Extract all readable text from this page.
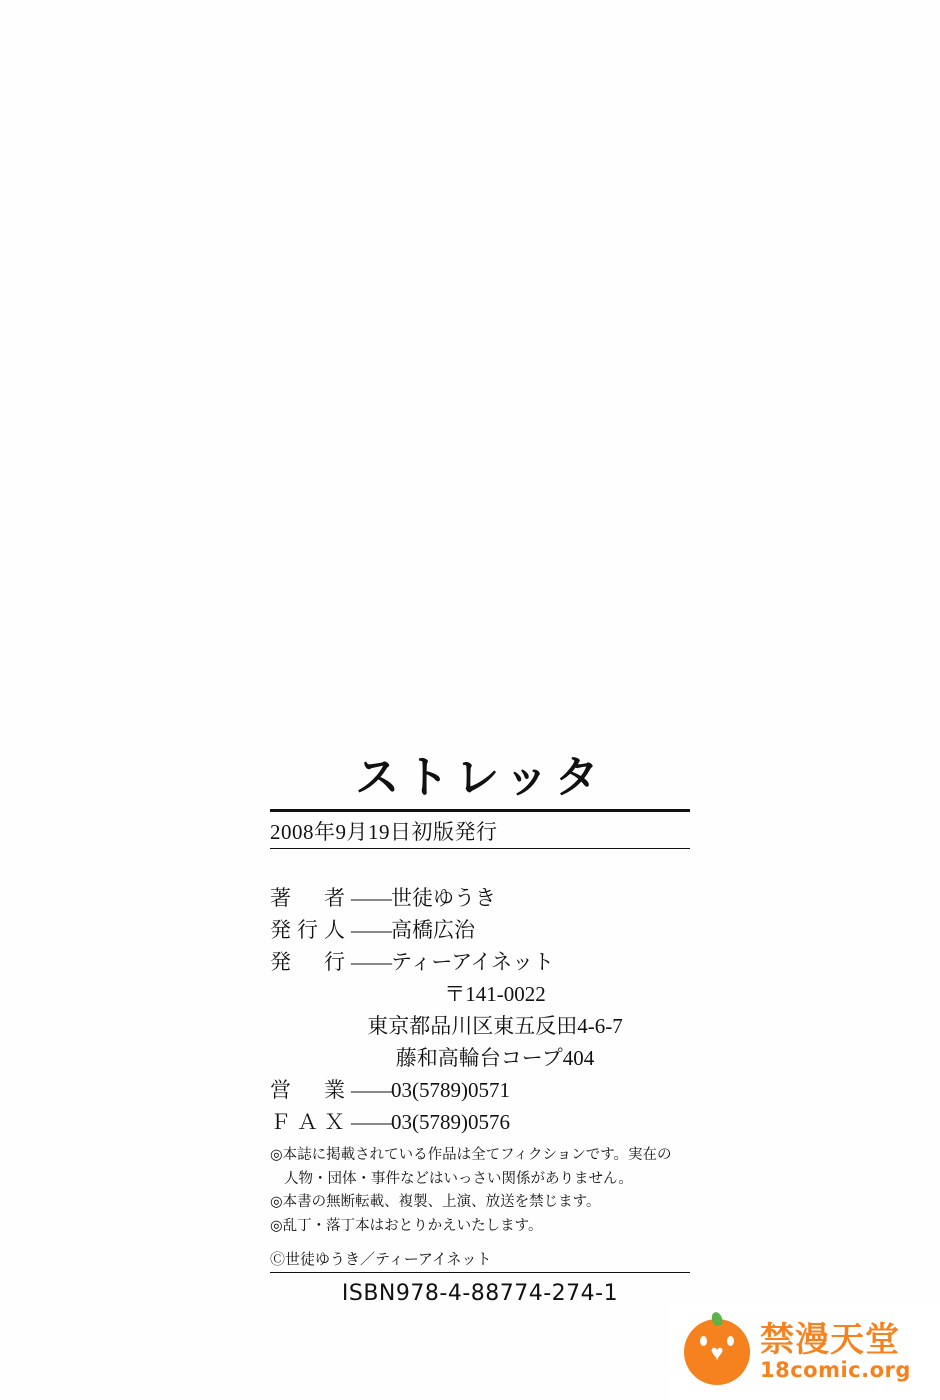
ストレッタ
2008年9月19日初版発行
著　者——世徒ゆうき
発行人——高橋広治
発　行——ティーアイネット
〒141-0022
東京都品川区東五反田4-6-7
藤和高輪台コープ404
営　業——03(5789)0571
ＦＡＸ——03(5789)0576
◎本誌に掲載されている作品は全てフィクションです。実在の
人物・団体・事件などはいっさい関係がありません。
◎本書の無断転載、複製、上演、放送を禁じます。
◎乱丁・落丁本はおとりかえいたします。
Ⓒ世徒ゆうき／ティーアイネット
ISBN978-4-88774-274-1
♥ 禁漫天堂
18comic.org
